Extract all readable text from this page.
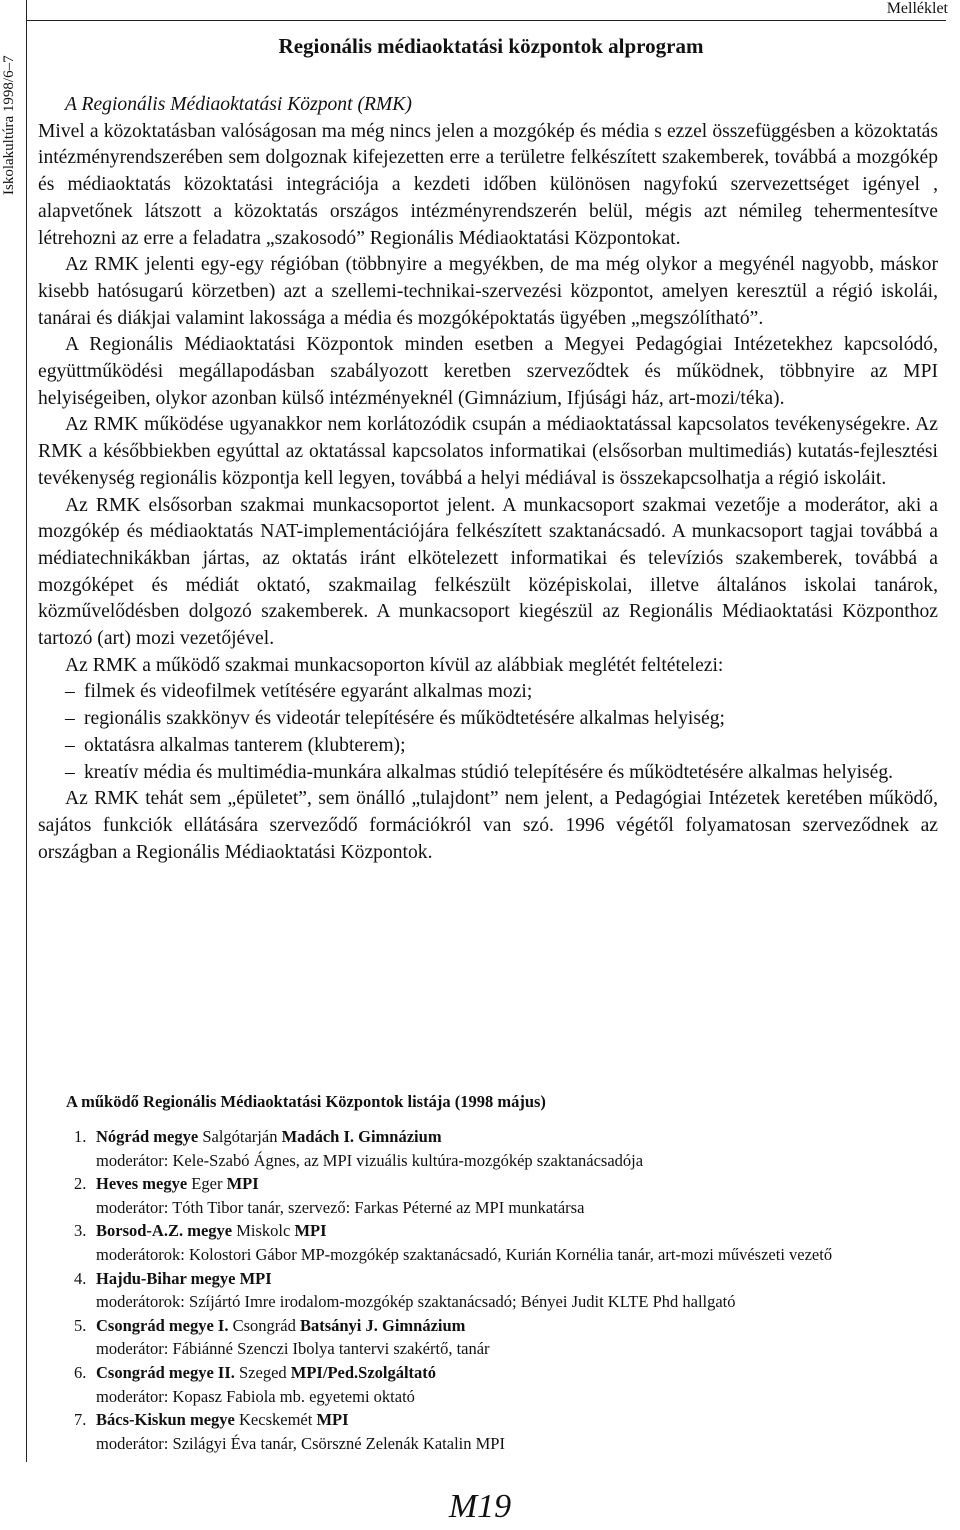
Iskolakultúra 1998/6–7
Melléklet
Regionális médiaoktatási központok alprogram

A Regionális Médiaoktatási Központ (RMK)

Mivel a közoktatásban valóságosan ma még nincs jelen a mozgókép és média s ezzel összefüggésben a közoktatás intézményrendszerében sem dolgoznak kifejezetten erre a területre felkészített szakemberek, továbbá a mozgókép és médiaoktatás közoktatási integrációja a kezdeti időben különösen nagyfokú szervezettséget igényel , alapvetőnek látszott a közoktatás országos intézményrendszerén belül, mégis azt némileg tehermentesítve létrehozni az erre a feladatra „szakosodó” Regionális Médiaoktatási Központokat.

Az RMK jelenti egy-egy régióban (többnyire a megyékben, de ma még olykor a megyénél nagyobb, máskor kisebb hatósugarú körzetben) azt a szellemi-technikai-szervezési központot, amelyen keresztül a régió iskolái, tanárai és diákjai valamint lakossága a média és mozgóképoktatás ügyében „megszólítható”.

A Regionális Médiaoktatási Központok minden esetben a Megyei Pedagógiai Intézetekhez kapcsolódó, együttműködési megállapodásban szabályozott keretben szerveződtek és működnek, többnyire az MPI helyiségeiben, olykor azonban külső intézményeknél (Gimnázium, Ifjúsági ház, art-mozi/téka).

Az RMK működése ugyanakkor nem korlátozódik csupán a médiaoktatással kapcsolatos tevékenységekre. Az RMK a későbbiekben egyúttal az oktatással kapcsolatos informatikai (elsősorban multimediás) kutatás-fejlesztési tevékenység regionális központja kell legyen, továbbá a helyi médiával is összekapcsolhatja a régió iskoláit.

Az RMK elsősorban szakmai munkacsoportot jelent. A munkacsoport szakmai vezetője a moderátor, aki a mozgókép és médiaoktatás NAT-implementációjára felkészített szaktanácsadó. A munkacsoport tagjai továbbá a médiatechnikákban jártas, az oktatás iránt elkötelezett informatikai és televíziós szakemberek, továbbá a mozgóképet és médiát oktató, szakmailag felkészült középiskolai, illetve általános iskolai tanárok, közművelődésben dolgozó szakemberek. A munkacsoport kiegészül az Regionális Médiaoktatási Központhoz tartozó (art) mozi vezetőjével.

Az RMK a működő szakmai munkacsoporton kívül az alábbiak meglétét feltételezi:

– filmek és videofilmek vetítésére egyaránt alkalmas mozi;
– regionális szakkönyv és videotár telepítésére és működtetésére alkalmas helyiség;
– oktatásra alkalmas tanterem (klubterem);
– kreatív média és multimédia-munkára alkalmas stúdió telepítésére és működtetésére alkalmas helyiség.

Az RMK tehát sem „épületet”, sem önálló „tulajdont” nem jelent, a Pedagógiai Intézetek keretében működő, sajátos funkciók ellátására szerveződő formációkról van szó. 1996 végétől folyamatosan szerveződnek az országban a Regionális Médiaoktatási Központok.

A működő Regionális Médiaoktatási Központok listája (1998 május)
1. Nógrád megye Salgótarján Madách I. Gimnázium
moderátor: Kele-Szabó Ágnes, az MPI vizuális kultúra-mozgókép szaktanácsadója
2. Heves megye Eger MPI
moderátor: Tóth Tibor tanár, szervező: Farkas Péterné az MPI munkatársa
3. Borsod-A.Z. megye Miskolc MPI
moderátorok: Kolostori Gábor MP-mozgókép szaktanácsadó, Kurián Kornélia tanár, art-mozi művészeti vezető
4. Hajdu-Bihar megye MPI
moderátorok: Szíjártó Imre irodalom-mozgókép szaktanácsadó; Bényei Judit KLTE Phd hallgató
5. Csongrád megye I. Csongrád Batsányi J. Gimnázium
moderátor: Fábiánné Szenczi Ibolya tantervi szakértő, tanár
6. Csongrád megye II. Szeged MPI/Ped.Szolgáltató
moderátor: Kopasz Fabiola mb. egyetemi oktató
7. Bács-Kiskun megye Kecskemét MPI
moderátor: Szilágyi Éva tanár, Csörszné Zelenák Katalin MPI
M19
